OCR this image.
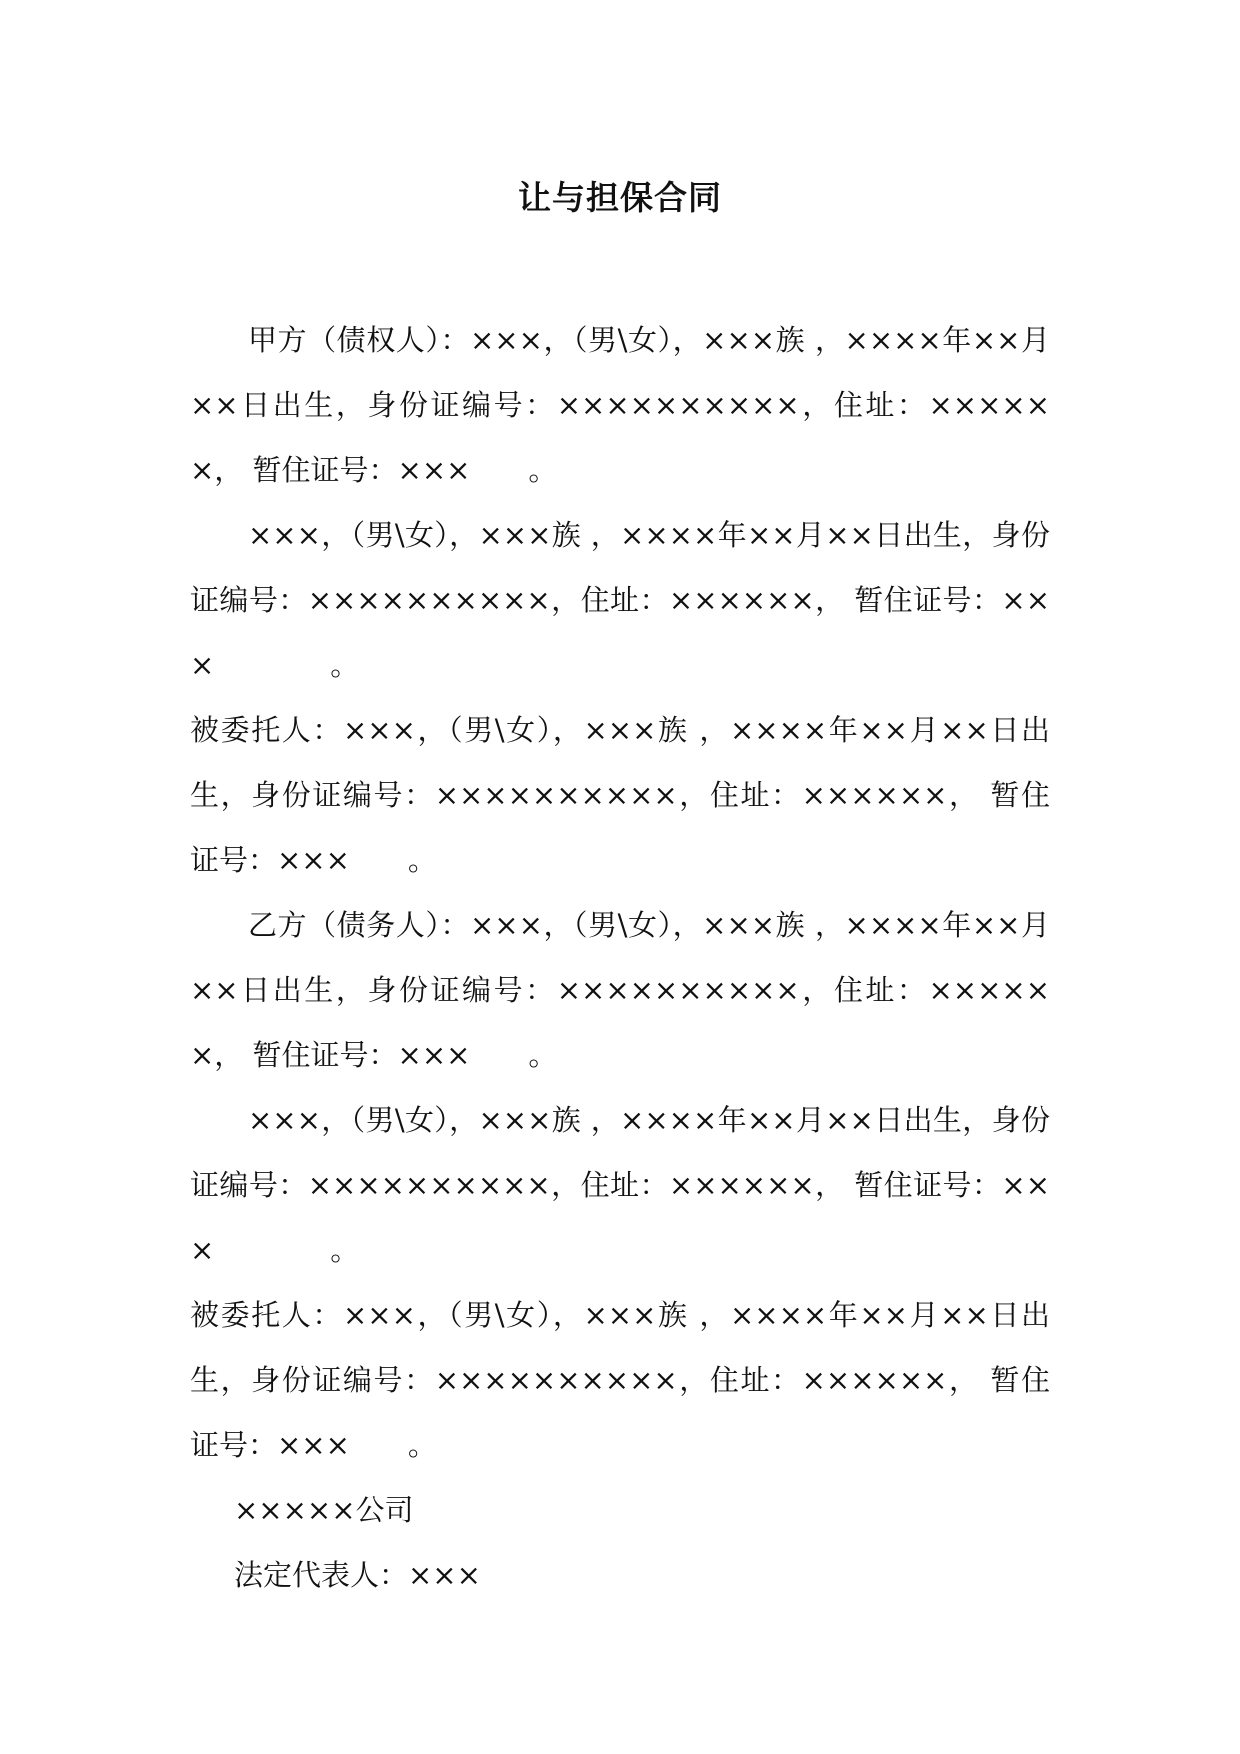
让与担保合同

甲方（债权人）：×××，（男\女），×××族 ，××××年××月××日出生，身份证编号：××××××××××，住址：××××××， 暂住证号：×××　　。

×××，（男\女），×××族 ，××××年××月××日出生，身份证编号：××××××××××，住址：××××××， 暂住证号：×××　　　　。

被委托人：×××，（男\女），×××族 ，××××年××月××日出生，身份证编号：××××××××××，住址：××××××， 暂住证号：×××　　。

乙方（债务人）：×××，（男\女），×××族 ，××××年××月××日出生，身份证编号：××××××××××，住址：××××××， 暂住证号：×××　　。

×××，（男\女），×××族 ，××××年××月××日出生，身份证编号：××××××××××，住址：××××××， 暂住证号：×××　　　　。

被委托人：×××，（男\女），×××族 ，××××年××月××日出生，身份证编号：××××××××××，住址：××××××， 暂住证号：×××　　。

×××××公司

法定代表人：×××
